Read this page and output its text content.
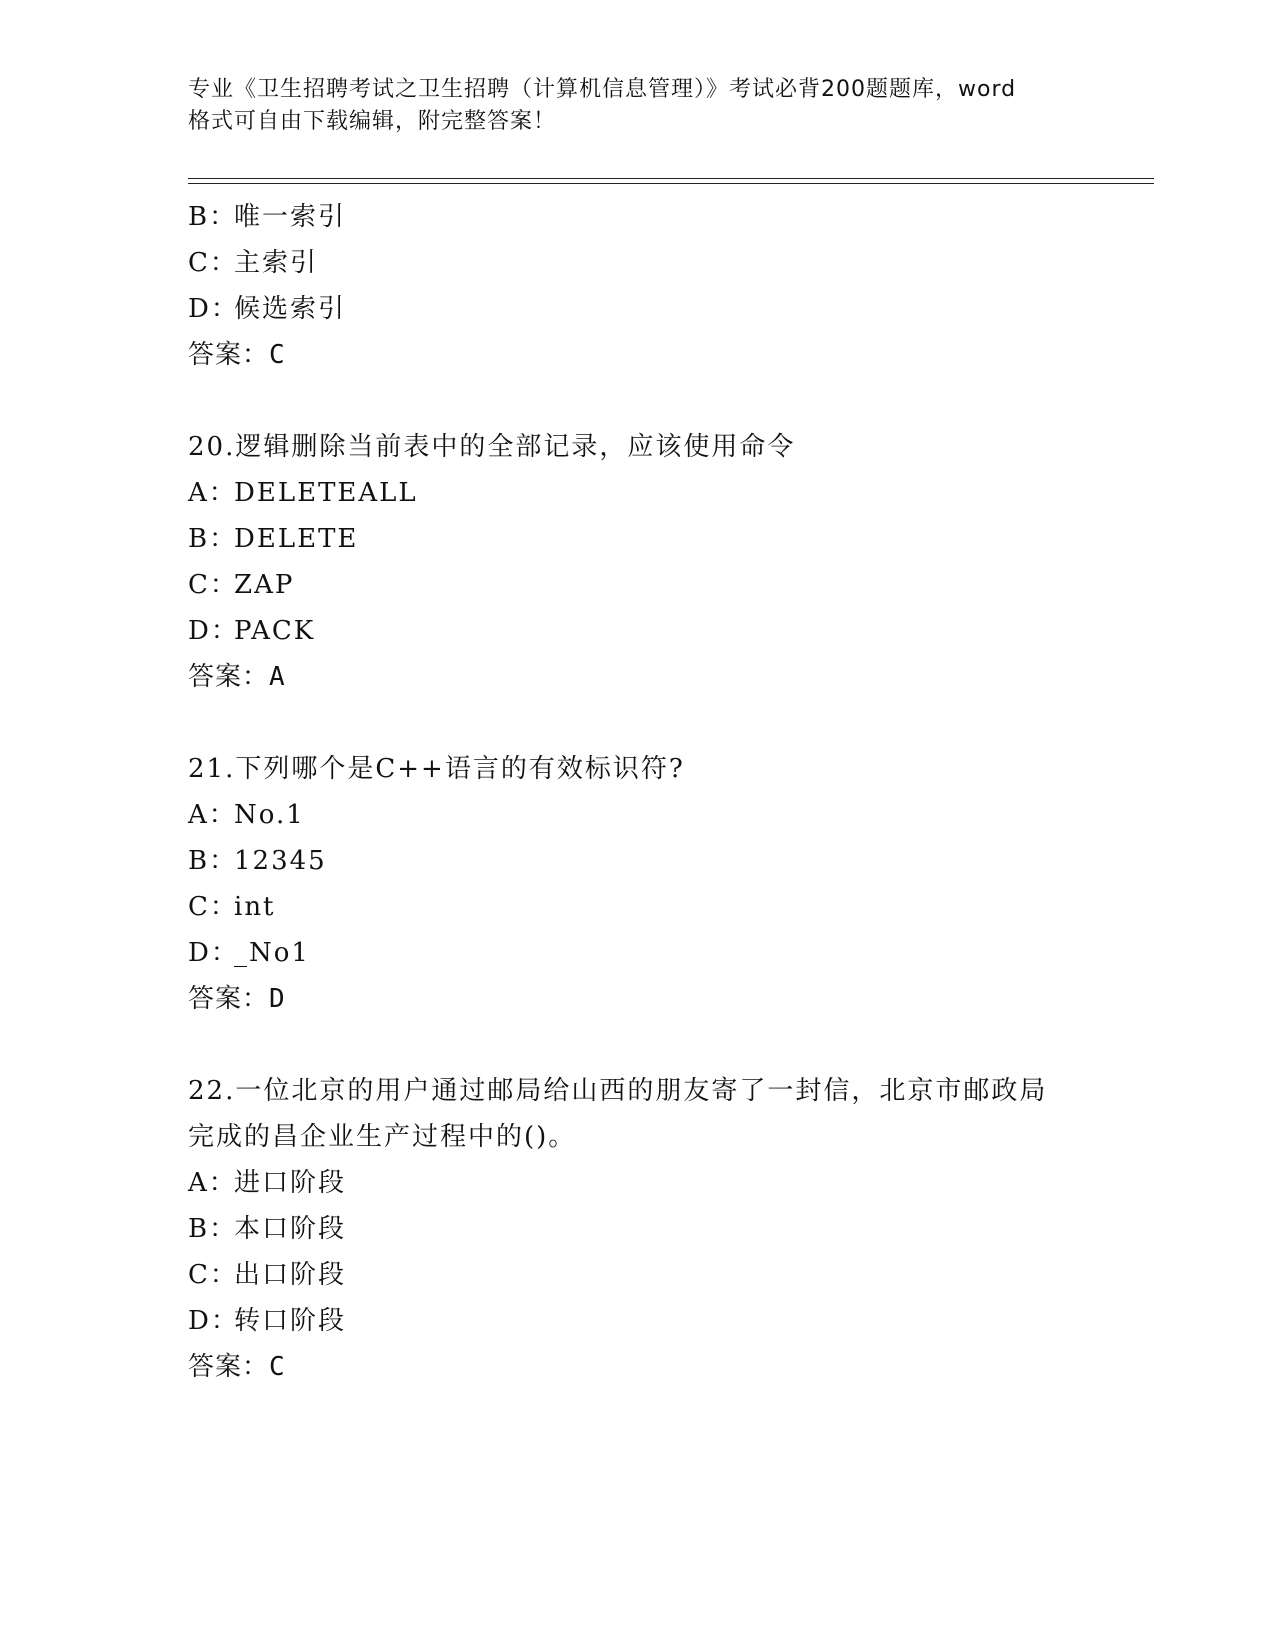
专业《卫生招聘考试之卫生招聘（计算机信息管理）》考试必背200题题库，word
格式可自由下载编辑，附完整答案！
B：唯一索引
C：主索引
D：候选索引
答案：C
20.逻辑删除当前表中的全部记录，应该使用命令
A：DELETEALL
B：DELETE
C：ZAP
D：PACK
答案：A
21.下列哪个是C++语言的有效标识符?
A：No.1
B：12345
C：int
D：_No1
答案：D
22.一位北京的用户通过邮局给山西的朋友寄了一封信，北京市邮政局
完成的昌企业生产过程中的()。
A：进口阶段
B：本口阶段
C：出口阶段
D：转口阶段
答案：C
